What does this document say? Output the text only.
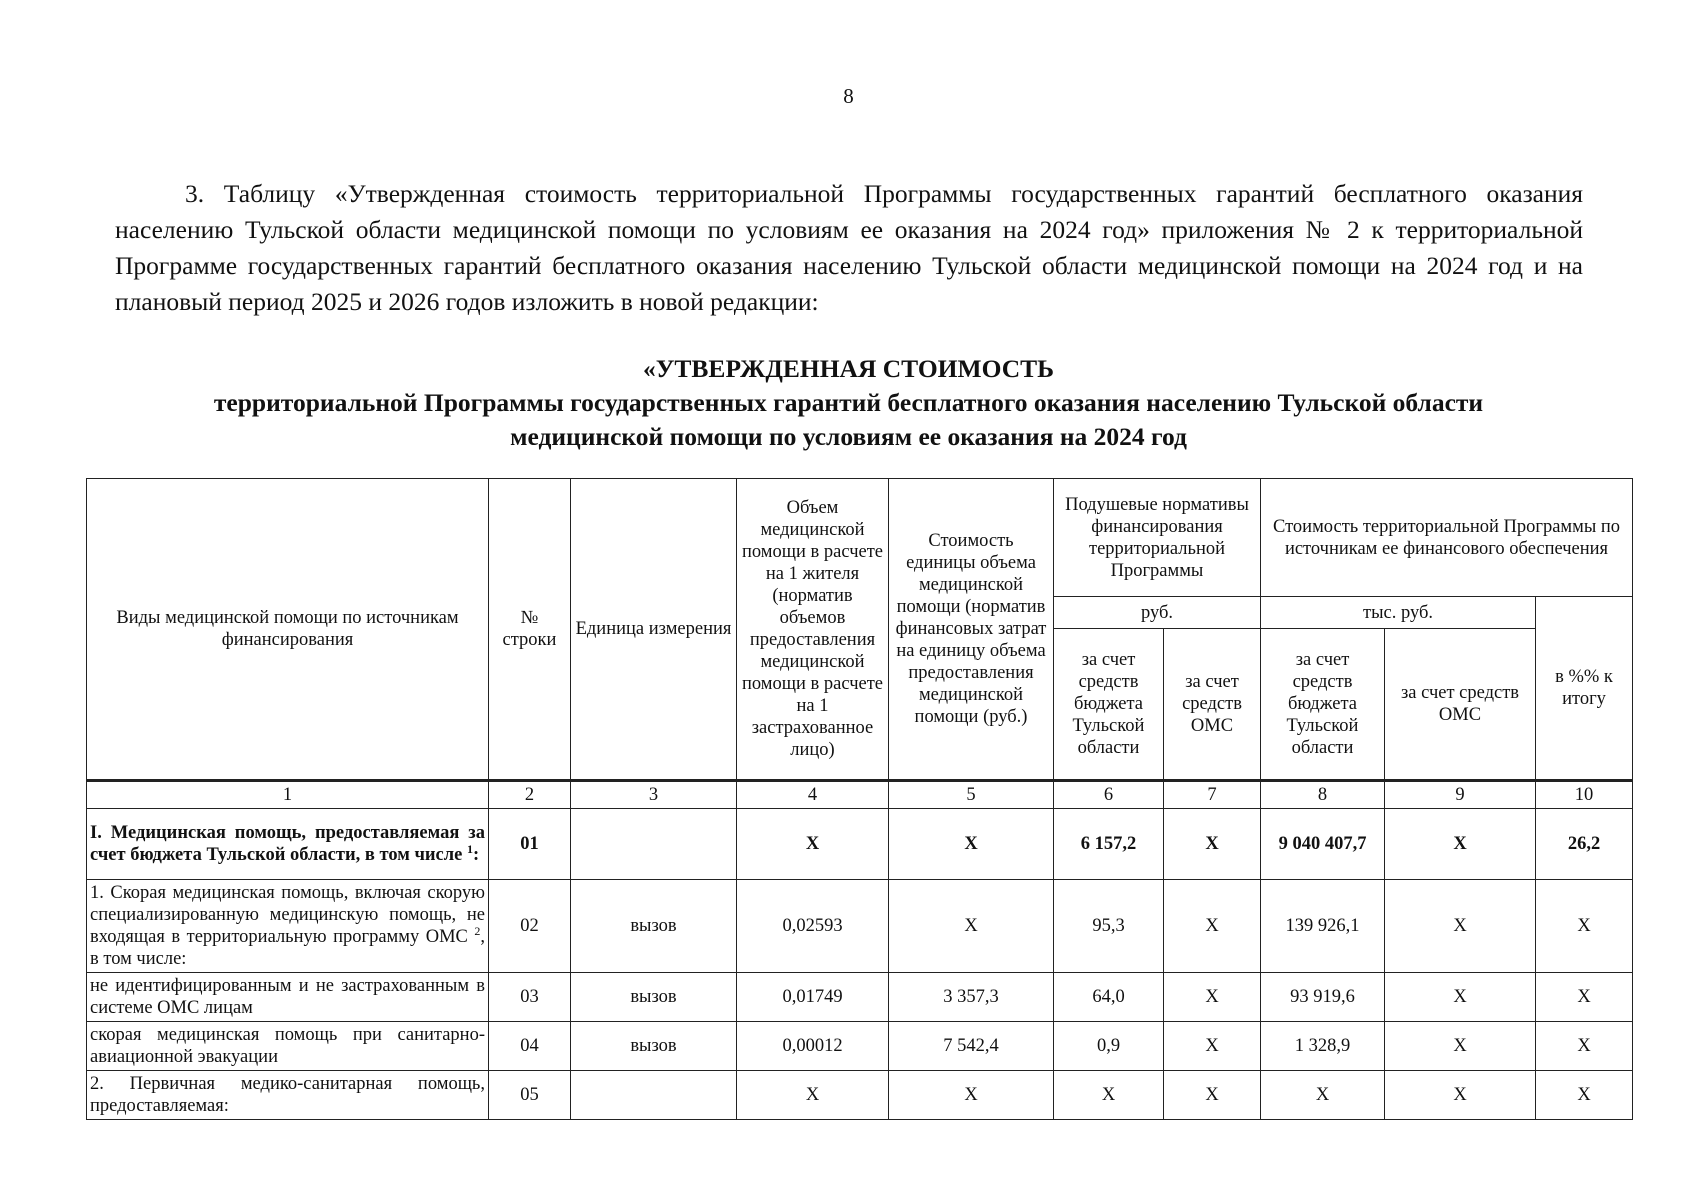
8

3. Таблицу «Утвержденная стоимость территориальной Программы государственных гарантий бесплатного оказания населению Тульской области медицинской помощи по условиям ее оказания на 2024 год» приложения № 2 к территориальной Программе государственных гарантий бесплатного оказания населению Тульской области медицинской помощи на 2024 год и на плановый период 2025 и 2026 годов изложить в новой редакции:

«УТВЕРЖДЕННАЯ СТОИМОСТЬ
территориальной Программы государственных гарантий бесплатного оказания населению Тульской области
медицинской помощи по условиям ее оказания на 2024 год
Виды медицинской помощи по источникам финансирования	№ строки	Единица измерения	Объем медицинской помощи в расчете на 1 жителя (норматив объемов предоставления медицинской помощи в расчете на 1 застрахованное лицо)	Стоимость единицы объема медицинской помощи (норматив финансовых затрат на единицу объема предоставления медицинской помощи (руб.)	Подушевые нормативы финансирования территориальной Программы		Стоимость территориальной Программы по источникам ее финансового обеспечения		
					руб.		тыс. руб.		в %% к итогу
					за счет средств бюджета Тульской области	за счет средств ОМС	за счет средств бюджета Тульской области	за счет средств ОМС	
1	2	3	4	5	6	7	8	9	10
I. Медицинская помощь, предоставляемая за счет бюджета Тульской области, в том числе $^1$:	01		X	X	6 157,2	X	9 040 407,7	X	26,2
1. Скорая медицинская помощь, включая скорую специализированную медицинскую помощь, не входящая в территориальную программу ОМС $^2$, в том числе:	02	вызов	0,02593	X	95,3	X	139 926,1	X	X
не идентифицированным и не застрахованным в системе ОМС лицам	03	вызов	0,01749	3 357,3	64,0	X	93 919,6	X	X
скорая медицинская помощь при санитарно-авиационной эвакуации	04	вызов	0,00012	7 542,4	0,9	X	1 328,9	X	X
2. Первичная медико-санитарная помощь, предоставляемая:	05		X	X	X	X	X	X	X
